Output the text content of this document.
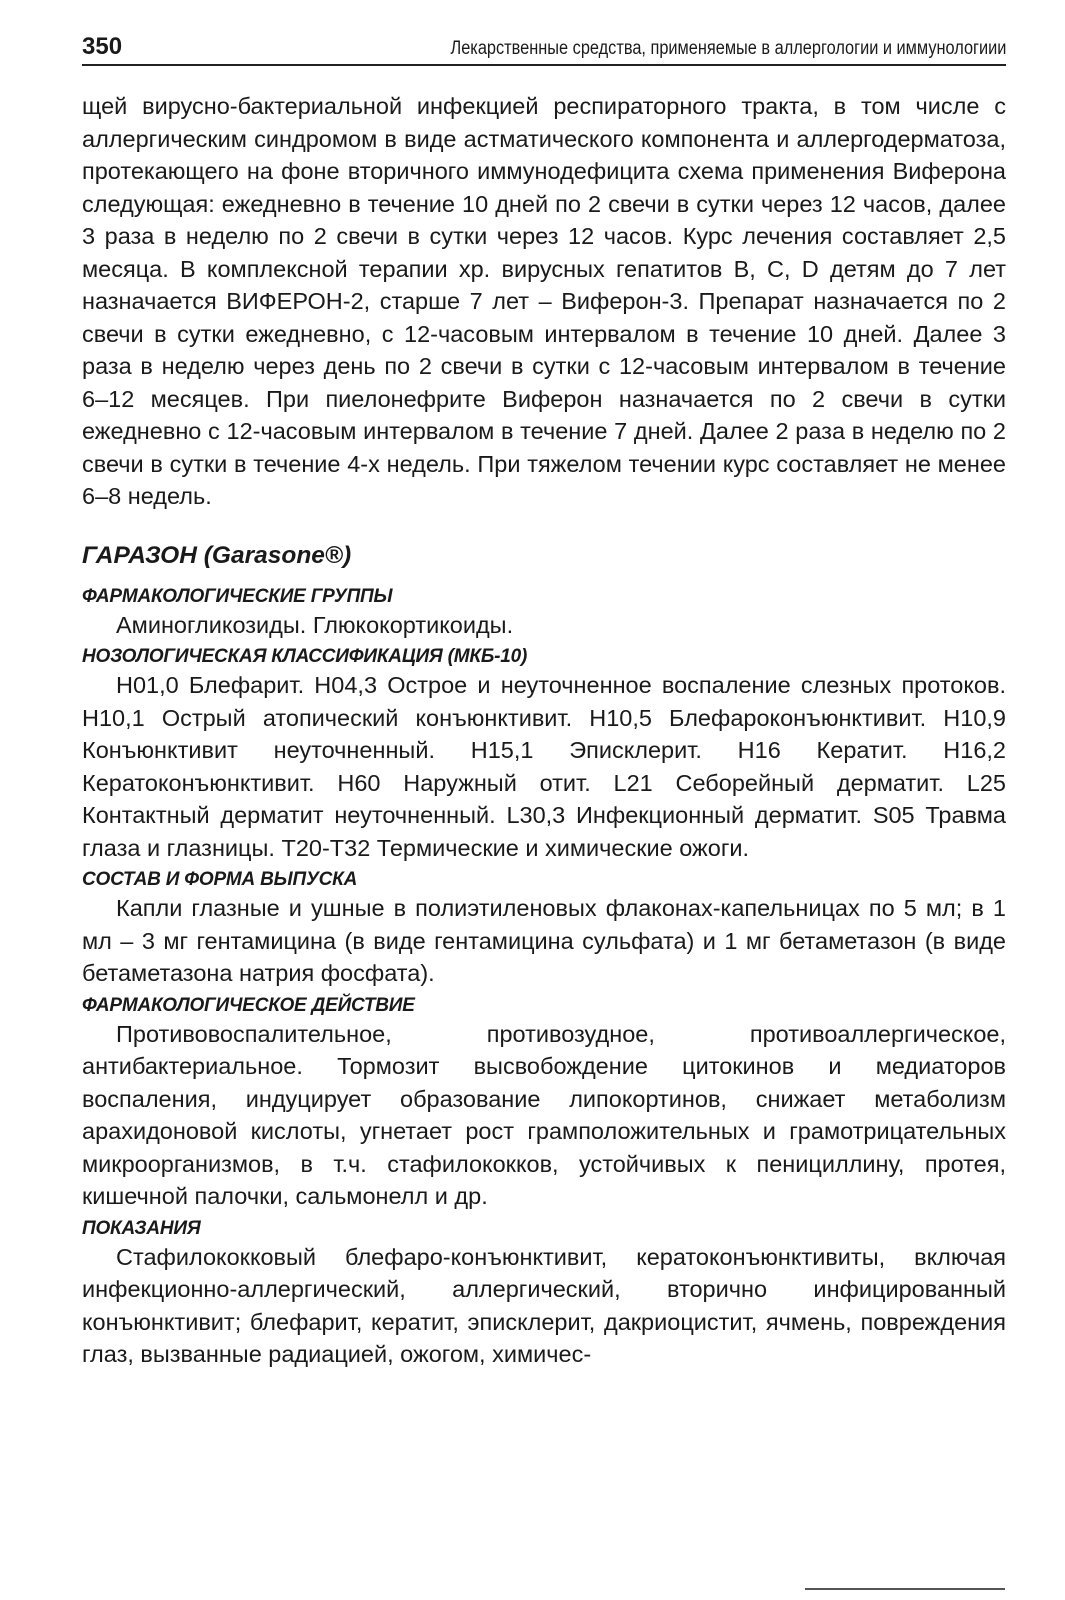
350	Лекарственные средства, применяемые в аллергологии и иммунологиии

щей вирусно-бактериальной инфекцией респираторного тракта, в том числе с аллергическим синдромом в виде астматического компонента и аллергодерматоза, протекающего на фоне вторичного иммунодефицита схема применения Виферона следующая: ежедневно в течение 10 дней по 2 свечи в сутки через 12 часов, далее 3 раза в неделю по 2 свечи в сутки через 12 часов. Курс лечения составляет 2,5 месяца. В комплексной терапии хр. вирусных гепатитов B, C, D детям до 7 лет назначается ВИФЕРОН-2, старше 7 лет – Виферон-3. Препарат назначается по 2 свечи в сутки ежедневно, с 12-часовым интервалом в течение 10 дней. Далее 3 раза в неделю через день по 2 свечи в сутки с 12-часовым интервалом в течение 6–12 месяцев. При пиелонефрите Виферон назначается по 2 свечи в сутки ежедневно с 12-часовым интервалом в течение 7 дней. Далее 2 раза в неделю по 2 свечи в сутки в течение 4-х недель. При тяжелом течении курс составляет не менее 6–8 недель.

ГАРАЗОН (Garasone®)
ФАРМАКОЛОГИЧЕСКИЕ ГРУППЫ

Аминогликозиды. Глюкокортикоиды.

НОЗОЛОГИЧЕСКАЯ КЛАССИФИКАЦИЯ (МКБ-10)

H01,0 Блефарит. H04,3 Острое и неуточненное воспаление слезных протоков. H10,1 Острый атопический конъюнктивит. H10,5 Блефароконъюнктивит. H10,9 Конъюнктивит неуточненный. H15,1 Эписклерит. H16 Кератит. H16,2 Кератоконъюнктивит. H60 Наружный отит. L21 Себорейный дерматит. L25 Контактный дерматит неуточненный. L30,3 Инфекционный дерматит. S05 Травма глаза и глазницы. T20-T32 Термические и химические ожоги.

СОСТАВ И ФОРМА ВЫПУСКА

Капли глазные и ушные в полиэтиленовых флаконах-капельницах по 5 мл; в 1 мл – 3 мг гентамицина (в виде гентамицина сульфата) и 1 мг бетаметазон (в виде бетаметазона натрия фосфата).

ФАРМАКОЛОГИЧЕСКОЕ ДЕЙСТВИЕ

Противовоспалительное, противозудное, противоаллергическое, антибактериальное. Тормозит высвобождение цитокинов и медиаторов воспаления, индуцирует образование липокортинов, снижает метаболизм арахидоновой кислоты, угнетает рост грамположительных и грамотрицательных микроорганизмов, в т.ч. стафилококков, устойчивых к пенициллину, протея, кишечной палочки, сальмонелл и др.

ПОКАЗАНИЯ

Стафилококковый блефаро-конъюнктивит, кератоконъюнктивиты, включая инфекционно-аллергический, аллергический, вторично инфицированный конъюнктивит; блефарит, кератит, эписклерит, дакриоцистит, ячмень, повреждения глаз, вызванные радиацией, ожогом, химичес-
